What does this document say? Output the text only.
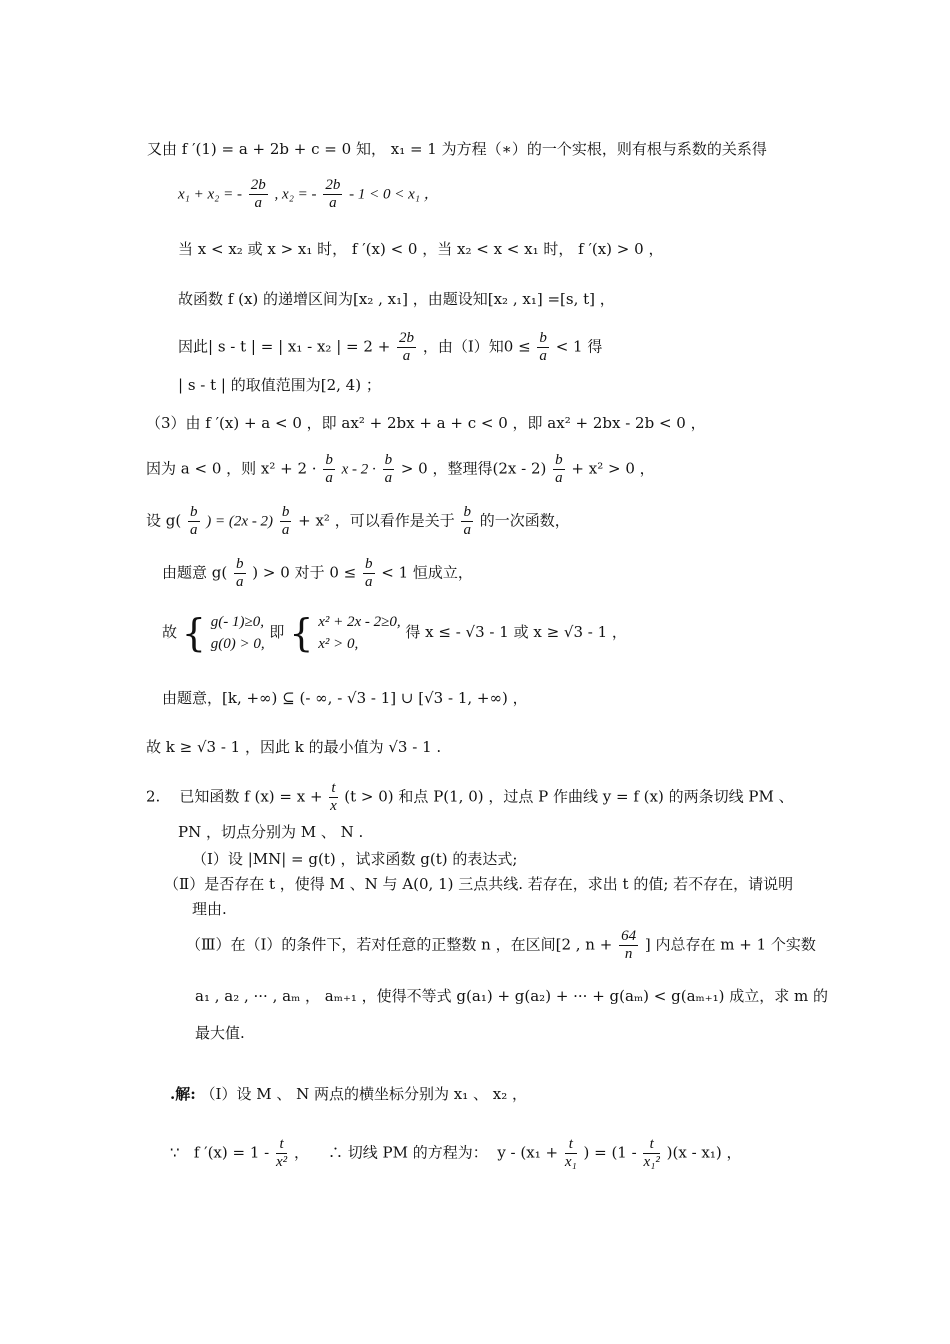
又由 f ′(1) = a + 2b + c = 0 知， x₁ = 1 为方程（∗）的一个实根，则有根与系数的关系得
x₁ + x₂ = - $\frac{2b}{a}$ , x₂ = - $\frac{2b}{a} - 1 < 0 < x_1$ ，
当 x < x₂ 或 x > x₁ 时， f ′(x) < 0 ，当 x₂ < x < x₁ 时， f ′(x) > 0 ，
故函数 f (x) 的递增区间为[x₂ , x₁] ，由题设知[x₂ , x₁] =[s, t] ，
因此| s - t | = | x₁ - x₂ | = $2 + \frac{2b}{a}$ ，由（Ⅰ）知$0 \le \frac{b}{a} < 1$ 得
| s - t | 的取值范围为[2, 4) ；
（3）由 f ′(x) + a < 0 ，即 ax² + 2bx + a + c < 0 ，即 ax² + 2bx - 2b < 0 ，
因为 a < 0 ，则 $x^2 + 2 \cdot \frac{b}{a}$ $x - 2 \cdot \frac{b}{a} > 0$ ，整理得$(2x - 2) \frac{b}{a} + x^2 > 0$ ，
设 $g( \frac{b}{a}$ ) = $(2x - 2) \frac{b}{a} + x^2$ ，可以看作是关于 $\frac{b}{a}$ 的一次函数，
由题意 $g( \frac{b}{a}$ ) > 0 对于 $0 \le \frac{b}{a} < 1$ 恒成立，
故 { g(- 1)≥0,
g(0) > 0,
即 { x² + 2x - 2≥0,
x² > 0,
得 x ≤ - √3 - 1 或 x ≥ √3 - 1 ，
由题意，[k, +∞) ⊆ (- ∞, - √3 - 1] ∪ [√3 - 1, +∞) ，
故 k ≥ √3 - 1 ，因此 k 的最小值为 √3 - 1 .
2.    已知函数 f $(x) = x + \frac{t}{x} (t > 0)$ 和点 P(1, 0) ，过点 P 作曲线 y = f (x) 的两条切线 PM 、
PN ，切点分别为 M 、 N .
（Ⅰ）设 |MN| = g(t) ，试求函数 g(t) 的表达式;
（Ⅱ）是否存在 t ，使得 M 、N 与 A(0, 1) 三点共线. 若存在，求出 t 的值; 若不存在，请说明
理由.
（Ⅲ）在（Ⅰ）的条件下，若对任意的正整数 n ，在区间[2 , $n + \frac{64}{n}$ ] 内总存在 m + 1 个实数
a₁ , a₂ , ··· , aₘ ， aₘ₊₁ ，使得不等式 g(a₁) + g(a₂) + ··· + g(aₘ) < g(aₘ₊₁) 成立，求 m 的
最大值.
.解: （Ⅰ）设 M 、 N 两点的横坐标分别为 x₁ 、 x₂ ，
∵   f $'(x) = 1 - \frac{t}{\text{x²}}$ ，    ∴ 切线 PM 的方程为：  $y - (x_1 + \frac{t}{\text{x₁}}$ ) = $(1 - \frac{t}{\text{x₁²}} )(x - x_1)$ ，
